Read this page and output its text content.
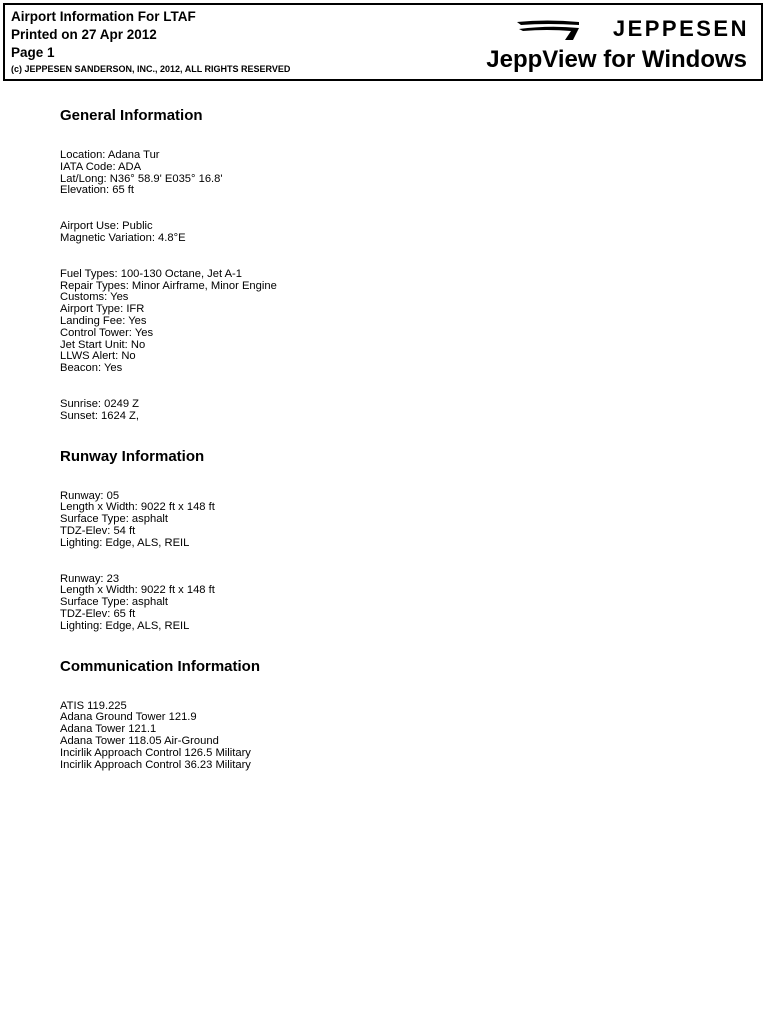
Airport Information For LTAF
Printed on 27 Apr 2012
Page 1
(c) JEPPESEN SANDERSON, INC., 2012, ALL RIGHTS RESERVED
JEPPESEN
JeppView for Windows
General Information
Location: Adana Tur
IATA Code: ADA
Lat/Long: N36° 58.9' E035° 16.8'
Elevation: 65 ft
Airport Use: Public
Magnetic Variation: 4.8°E
Fuel Types: 100-130 Octane, Jet A-1
Repair Types: Minor Airframe, Minor Engine
Customs: Yes
Airport Type: IFR
Landing Fee: Yes
Control Tower: Yes
Jet Start Unit: No
LLWS Alert: No
Beacon: Yes
Sunrise: 0249 Z
Sunset: 1624 Z,
Runway Information
Runway: 05
Length x Width: 9022 ft x 148 ft
Surface Type: asphalt
TDZ-Elev: 54 ft
Lighting: Edge, ALS, REIL
Runway: 23
Length x Width: 9022 ft x 148 ft
Surface Type: asphalt
TDZ-Elev: 65 ft
Lighting: Edge, ALS, REIL
Communication Information
ATIS 119.225
Adana Ground Tower 121.9
Adana Tower 121.1
Adana Tower 118.05 Air-Ground
Incirlik Approach Control 126.5 Military
Incirlik Approach Control 36.23 Military
